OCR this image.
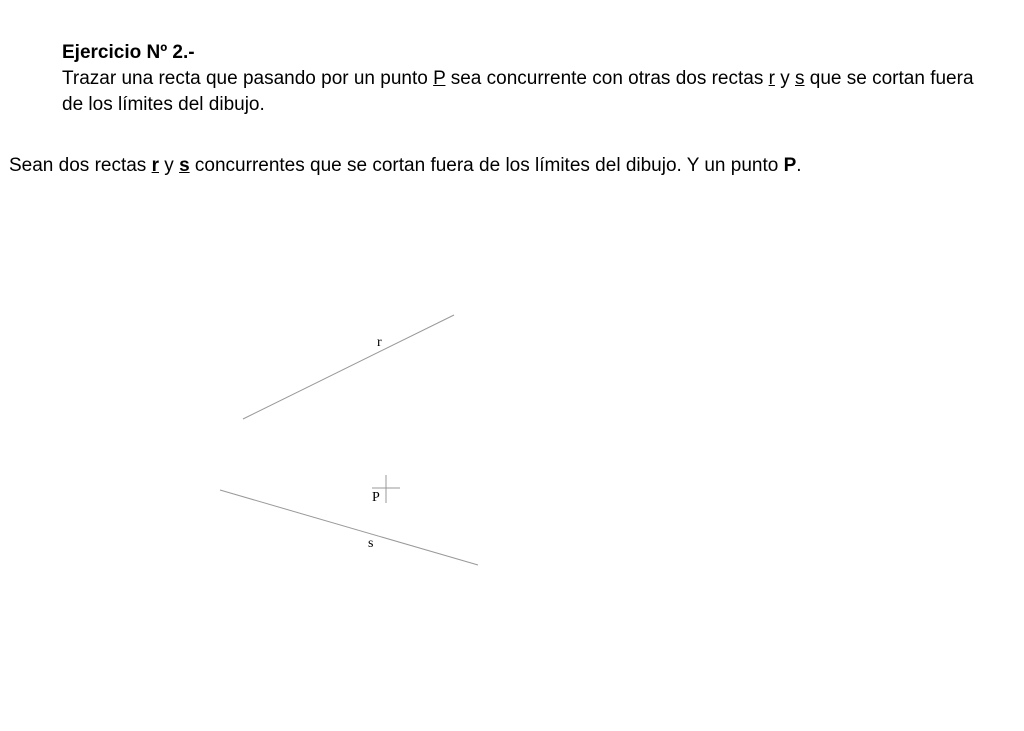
Ejercicio Nº 2.-
Trazar una recta que pasando por un punto P sea concurrente con otras dos rectas r y s que se cortan fuera de los límites del dibujo.
Sean dos rectas r y s concurrentes que se cortan fuera de los límites del dibujo. Y un punto P.
r
P
s
